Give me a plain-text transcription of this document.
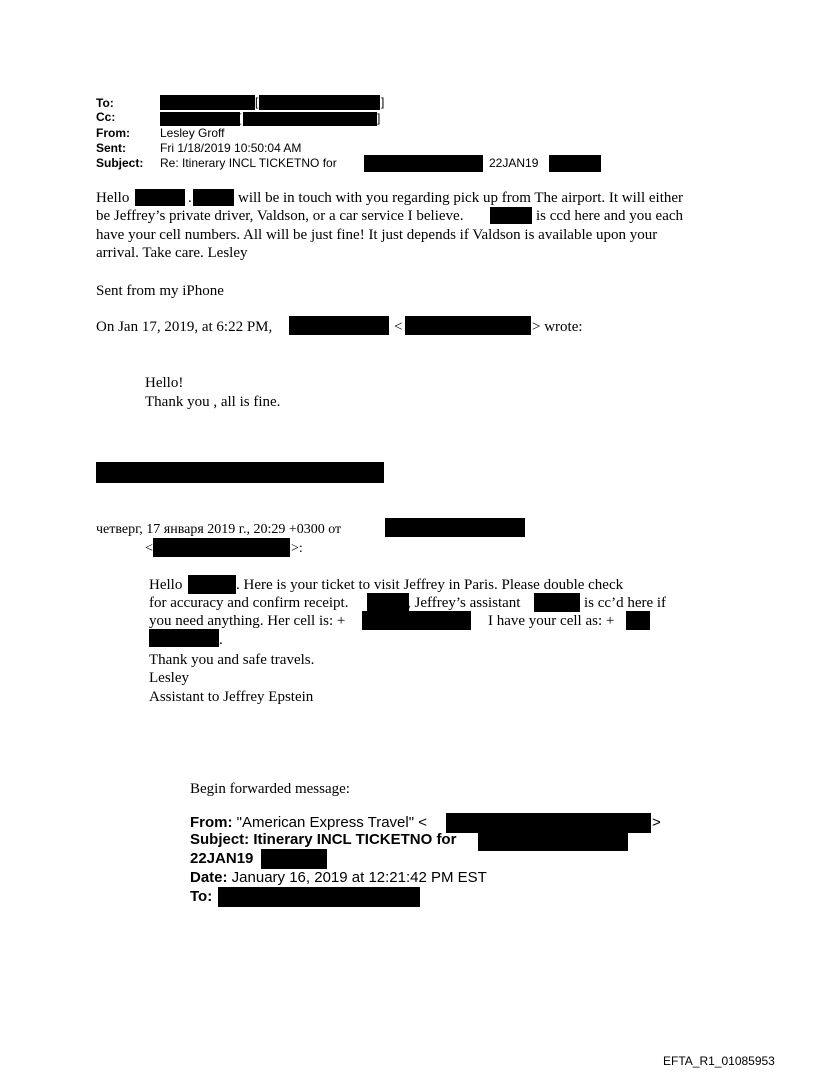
To:	[	]
Cc:	[	]
From:	Lesley Groff
Sent:	Fri 1/18/2019 10:50:04 AM
Subject: Re: Itinerary INCL TICKETNO for	22JAN19
Hello	.	will be in touch with you regarding pick up from The airport. It will either
be Jeffrey’s private driver, Valdson, or a car service I believe.	is ccd here and you each
have your cell numbers. All will be just fine! It just depends if Valdson is available upon your
arrival. Take care. Lesley
Sent from my iPhone
On Jan 17, 2019, at 6:22 PM,	<	> wrote:
Hello!
Thank you , all is fine.
четверг, 17 января 2019 г., 20:29 +0300 от
<	>:
Hello	. Here is your ticket to visit Jeffrey in Paris. Please double check
for accuracy and confirm receipt.	, Jeffrey’s assistant	is cc’d here if
you need anything. Her cell is: +	I have your cell as: +
.
Thank you and safe travels.
Lesley
Assistant to Jeffrey Epstein
Begin forwarded message:
From: "American Express Travel" <	>
Subject: Itinerary INCL TICKETNO for
22JAN19
Date: January 16, 2019 at 12:21:42 PM EST
To:
EFTA_R1_01085953
